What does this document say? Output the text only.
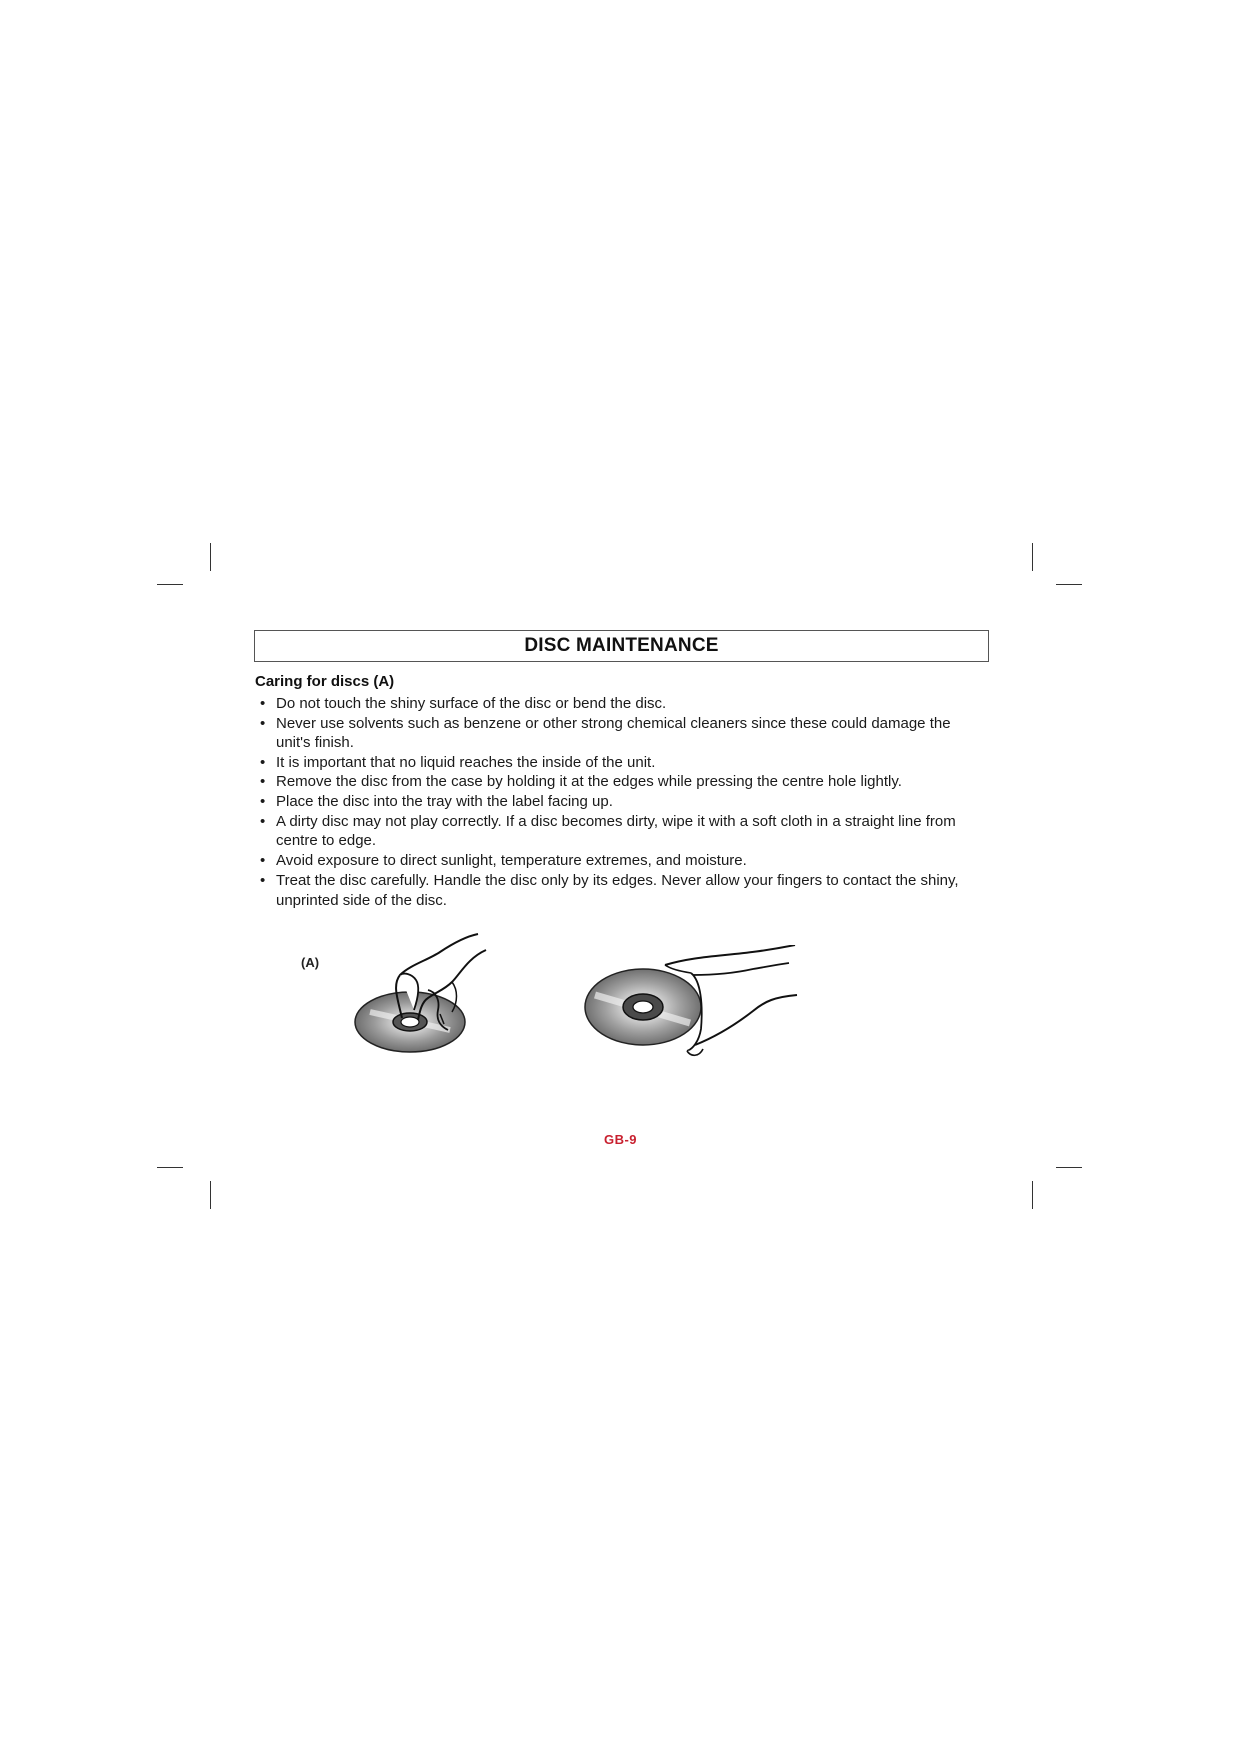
DISC MAINTENANCE
Caring for discs (A)
• Do not touch the shiny surface of the disc or bend the disc.
• Never use solvents such as benzene or other strong chemical cleaners since these could damage the unit's finish.
• It is important that no liquid reaches the inside of the unit.
• Remove the disc from the case by holding it at the edges while pressing the centre hole lightly.
• Place the disc into the tray with the label facing up.
• A dirty disc may not play correctly. If a disc becomes dirty, wipe it with a soft cloth in a straight line from centre to edge.
• Avoid exposure to direct sunlight, temperature extremes, and moisture.
• Treat the disc carefully. Handle the disc only by its edges. Never allow your fingers to contact the shiny, unprinted side of the disc.
(A)
GB-9
